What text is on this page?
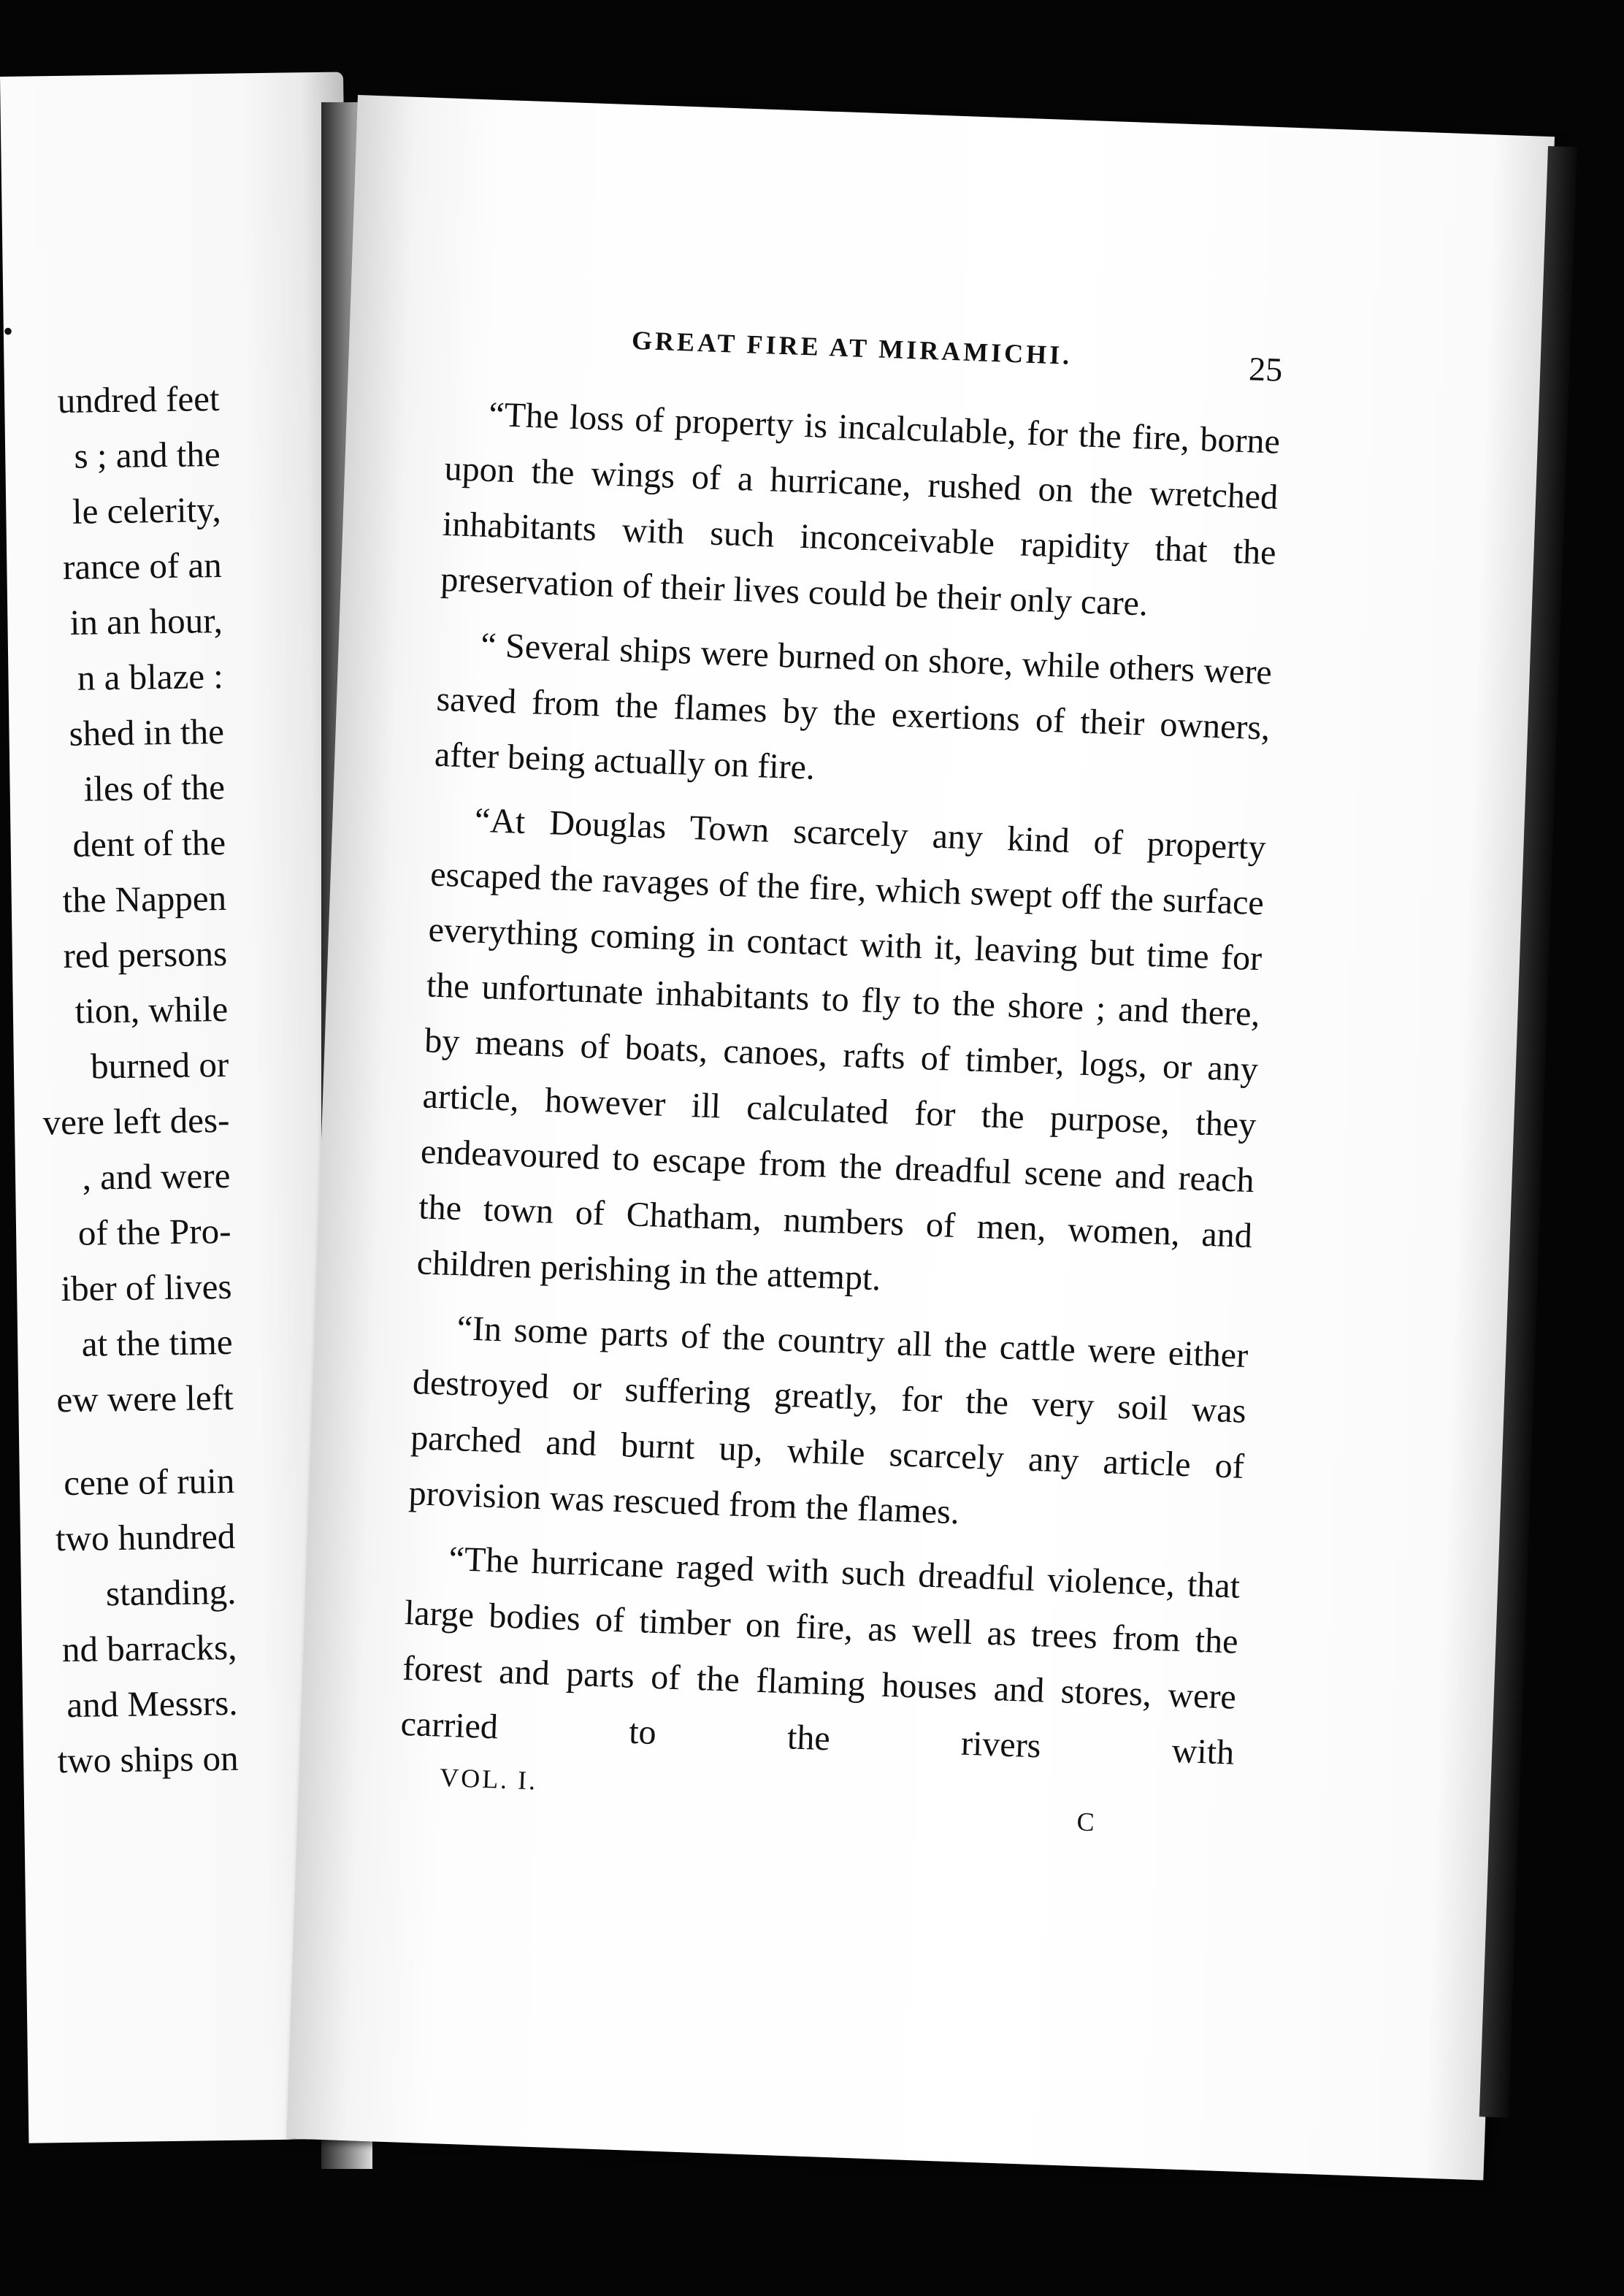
•
undred feet
s ; and the
le celerity,
rance of an
in an hour,
n a blaze :
shed in the
iles of the
dent of the
the Nappen
red persons
tion, while
burned or
vere left des-
, and were
of the Pro-
iber of lives
at the time
ew were left
cene of ruin
two hundred
standing.
nd barracks,
and Messrs.
two ships on
GREAT FIRE AT MIRAMICHI.	25

“The loss of property is incalculable, for the fire, borne upon the wings of a hurricane, rushed on the wretched inhabitants with such inconceivable rapidity that the preservation of their lives could be their only care.

“ Several ships were burned on shore, while others were saved from the flames by the exertions of their owners, after being actually on fire.

“At Douglas Town scarcely any kind of property escaped the ravages of the fire, which swept off the surface everything coming in contact with it, leaving but time for the unfortunate inhabitants to fly to the shore ; and there, by means of boats, canoes, rafts of timber, logs, or any article, however ill calculated for the purpose, they endeavoured to escape from the dreadful scene and reach the town of Chatham, numbers of men, women, and children perishing in the attempt.

“In some parts of the country all the cattle were either destroyed or suffering greatly, for the very soil was parched and burnt up, while scarcely any article of provision was rescued from the flames.

“The hurricane raged with such dreadful violence, that large bodies of timber on fire, as well as trees from the forest and parts of the flaming houses and stores, were carried to the rivers with

VOL. I.
C
